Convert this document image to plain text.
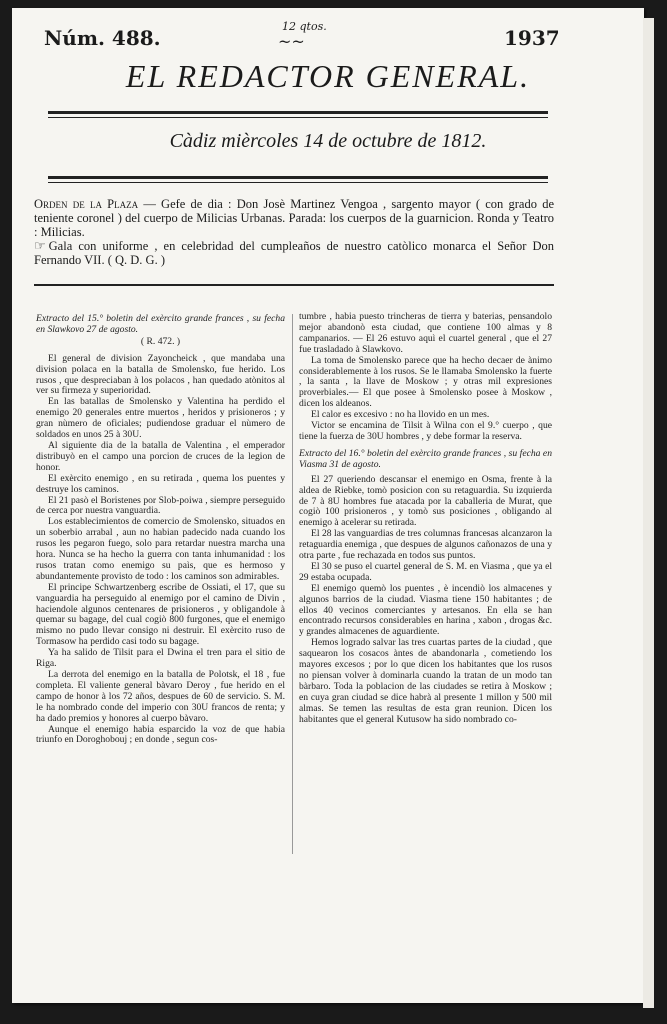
Núm. 488.	12 qtos.
~~	1937
EL REDACTOR GENERAL.
Càdiz mièrcoles 14 de octubre de 1812.

Orden de la Plaza — Gefe de dia : Don Josè Martinez Vengoa , sargento mayor ( con grado de teniente coronel ) del cuerpo de Milicias Urbanas. Parada: los cuerpos de la guarnicion. Ronda y Teatro : Milicias.

☞ Gala con uniforme , en celebridad del cumpleaños de nuestro catòlico monarca el Señor Don Fernando VII. ( Q. D. G. )

Extracto del 15.° boletin del exèrcito grande frances , su fecha en Slawkovo 27 de agosto.

( R. 472. )

El general de division Zayoncheick , que mandaba una division polaca en la batalla de Smolensko, fue herido. Los rusos , que despreciaban à los polacos , han quedado atònitos al ver su firmeza y superioridad.

En las batallas de Smolensko y Valentina ha perdido el enemigo 20 generales entre muertos , heridos y prisioneros ; y gran nùmero de oficiales; pudiendose graduar el nùmero de soldados en unos 25 à 30U.

Al siguiente dia de la batalla de Valentina , el emperador distribuyò en el campo una porcion de cruces de la legion de honor.

El exèrcito enemigo , en su retirada , quema los puentes y destruye los caminos.

El 21 pasò el Boristenes por Slob-poiwa , siempre perseguido de cerca por nuestra vanguardia.

Los establecimientos de comercio de Smolensko, situados en un soberbio arrabal , aun no habian padecido nada cuando los rusos les pegaron fuego, solo para retardar nuestra marcha una hora. Nunca se ha hecho la guerra con tanta inhumanidad : los rusos tratan como enemigo su paìs, que es hermoso y abundantemente provisto de todo : los caminos son admirables.

El principe Schwartzenberg escribe de Ossiati, el 17, que su vanguardia ha perseguido al enemigo por el camino de Divin , haciendole algunos centenares de prisioneros , y obligandole à quemar su bagage, del cual cogiò 800 furgones, que el enemigo mismo no pudo llevar consigo ni destruir. El exèrcito ruso de Tormasow ha perdido casi todo su bagage.

Ya ha salido de Tilsit para el Dwina el tren para el sitio de Riga.

La derrota del enemigo en la batalla de Polotsk, el 18 , fue completa. El valiente general bàvaro Deroy , fue herido en el campo de honor à los 72 años, despues de 60 de servicio. S. M. le ha nombrado conde del imperio con 30U francos de renta; y ha dado premios y honores al cuerpo bàvaro.

Aunque el enemigo habia esparcido la voz de que habia triunfo en Doroghobouj ; en donde , segun cos-

tumbre , habia puesto trincheras de tierra y baterias, pensandolo mejor abandonò esta ciudad, que contiene 100 almas y 8 campanarios. — El 26 estuvo aquì el cuartel general , que el 27 fue trasladado à Slawkovo.

La toma de Smolensko parece que ha hecho decaer de ànimo considerablemente à los rusos. Se le llamaba Smolensko la fuerte , la santa , la llave de Moskow ; y otras mil expresiones proverbiales.— El que posee à Smolensko posee à Moskow , dicen los aldeanos.

El calor es excesivo : no ha llovido en un mes.

Victor se encamina de Tilsit à Wilna con el 9.° cuerpo , que tiene la fuerza de 30U hombres , y debe formar la reserva.

Extracto del 16.° boletin del exèrcito grande frances , su fecha en Viasma 31 de agosto.

El 27 queriendo descansar el enemigo en Osma, frente à la aldea de Riebke, tomò posicion con su retaguardia. Su izquierda de 7 à 8U hombres fue atacada por la caballeria de Murat, que cogiò 100 prisioneros , y tomò sus posiciones , obligando al enemigo à acelerar su retirada.

El 28 las vanguardias de tres columnas francesas alcanzaron la retaguardia enemiga , que despues de algunos cañonazos de una y otra parte , fue rechazada en todos sus puntos.

El 30 se puso el cuartel general de S. M. en Viasma , que ya el 29 estaba ocupada.

El enemigo quemò los puentes , è incendiò los almacenes y algunos barrios de la ciudad. Viasma tiene 150 habitantes ; de ellos 40 vecinos comerciantes y artesanos. En ella se han encontrado recursos considerables en harina , xabon , drogas &c. y grandes almacenes de aguardiente.

Hemos logrado salvar las tres cuartas partes de la ciudad , que saquearon los cosacos àntes de abandonarla , cometiendo los mayores excesos ; por lo que dicen los habitantes que los rusos no piensan volver à dominarla cuando la tratan de un modo tan bàrbaro. Toda la poblacion de las ciudades se retira à Moskow ; en cuya gran ciudad se dice habrà al presente 1 millon y 500 mil almas. Se temen las resultas de esta gran reunion. Dicen los habitantes que el general Kutusow ha sido nombrado co-
